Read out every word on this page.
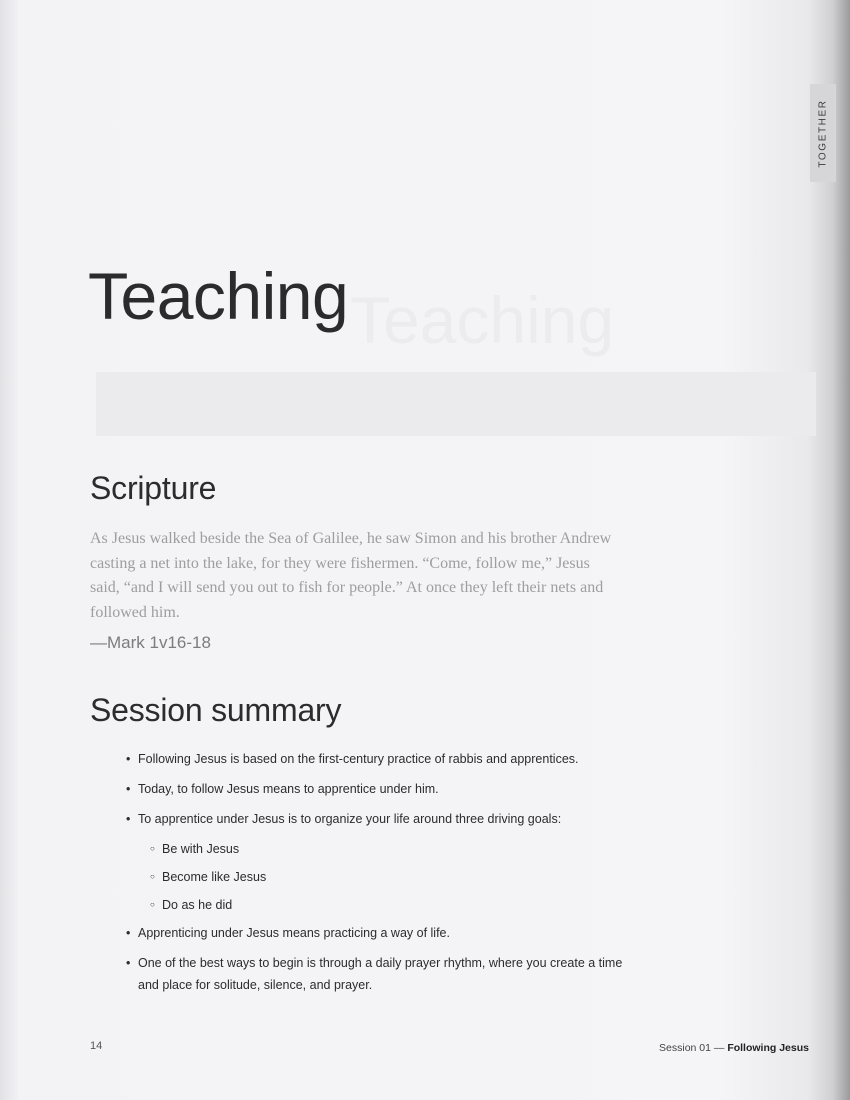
TOGETHER
Teaching
Teaching
Scripture

As Jesus walked beside the Sea of Galilee, he saw Simon and his brother Andrew casting a net into the lake, for they were fishermen. “Come, follow me,” Jesus said, “and I will send you out to fish for people.” At once they left their nets and followed him.

—Mark 1v16-18

Session summary
• Following Jesus is based on the first-century practice of rabbis and apprentices.
• Today, to follow Jesus means to apprentice under him.
• To apprentice under Jesus is to organize your life around three driving goals:
○ Be with Jesus
○ Become like Jesus
○ Do as he did
• Apprenticing under Jesus means practicing a way of life.
• One of the best ways to begin is through a daily prayer rhythm, where you create a time and place for solitude, silence, and prayer.
14	Session 01 — Following Jesus
